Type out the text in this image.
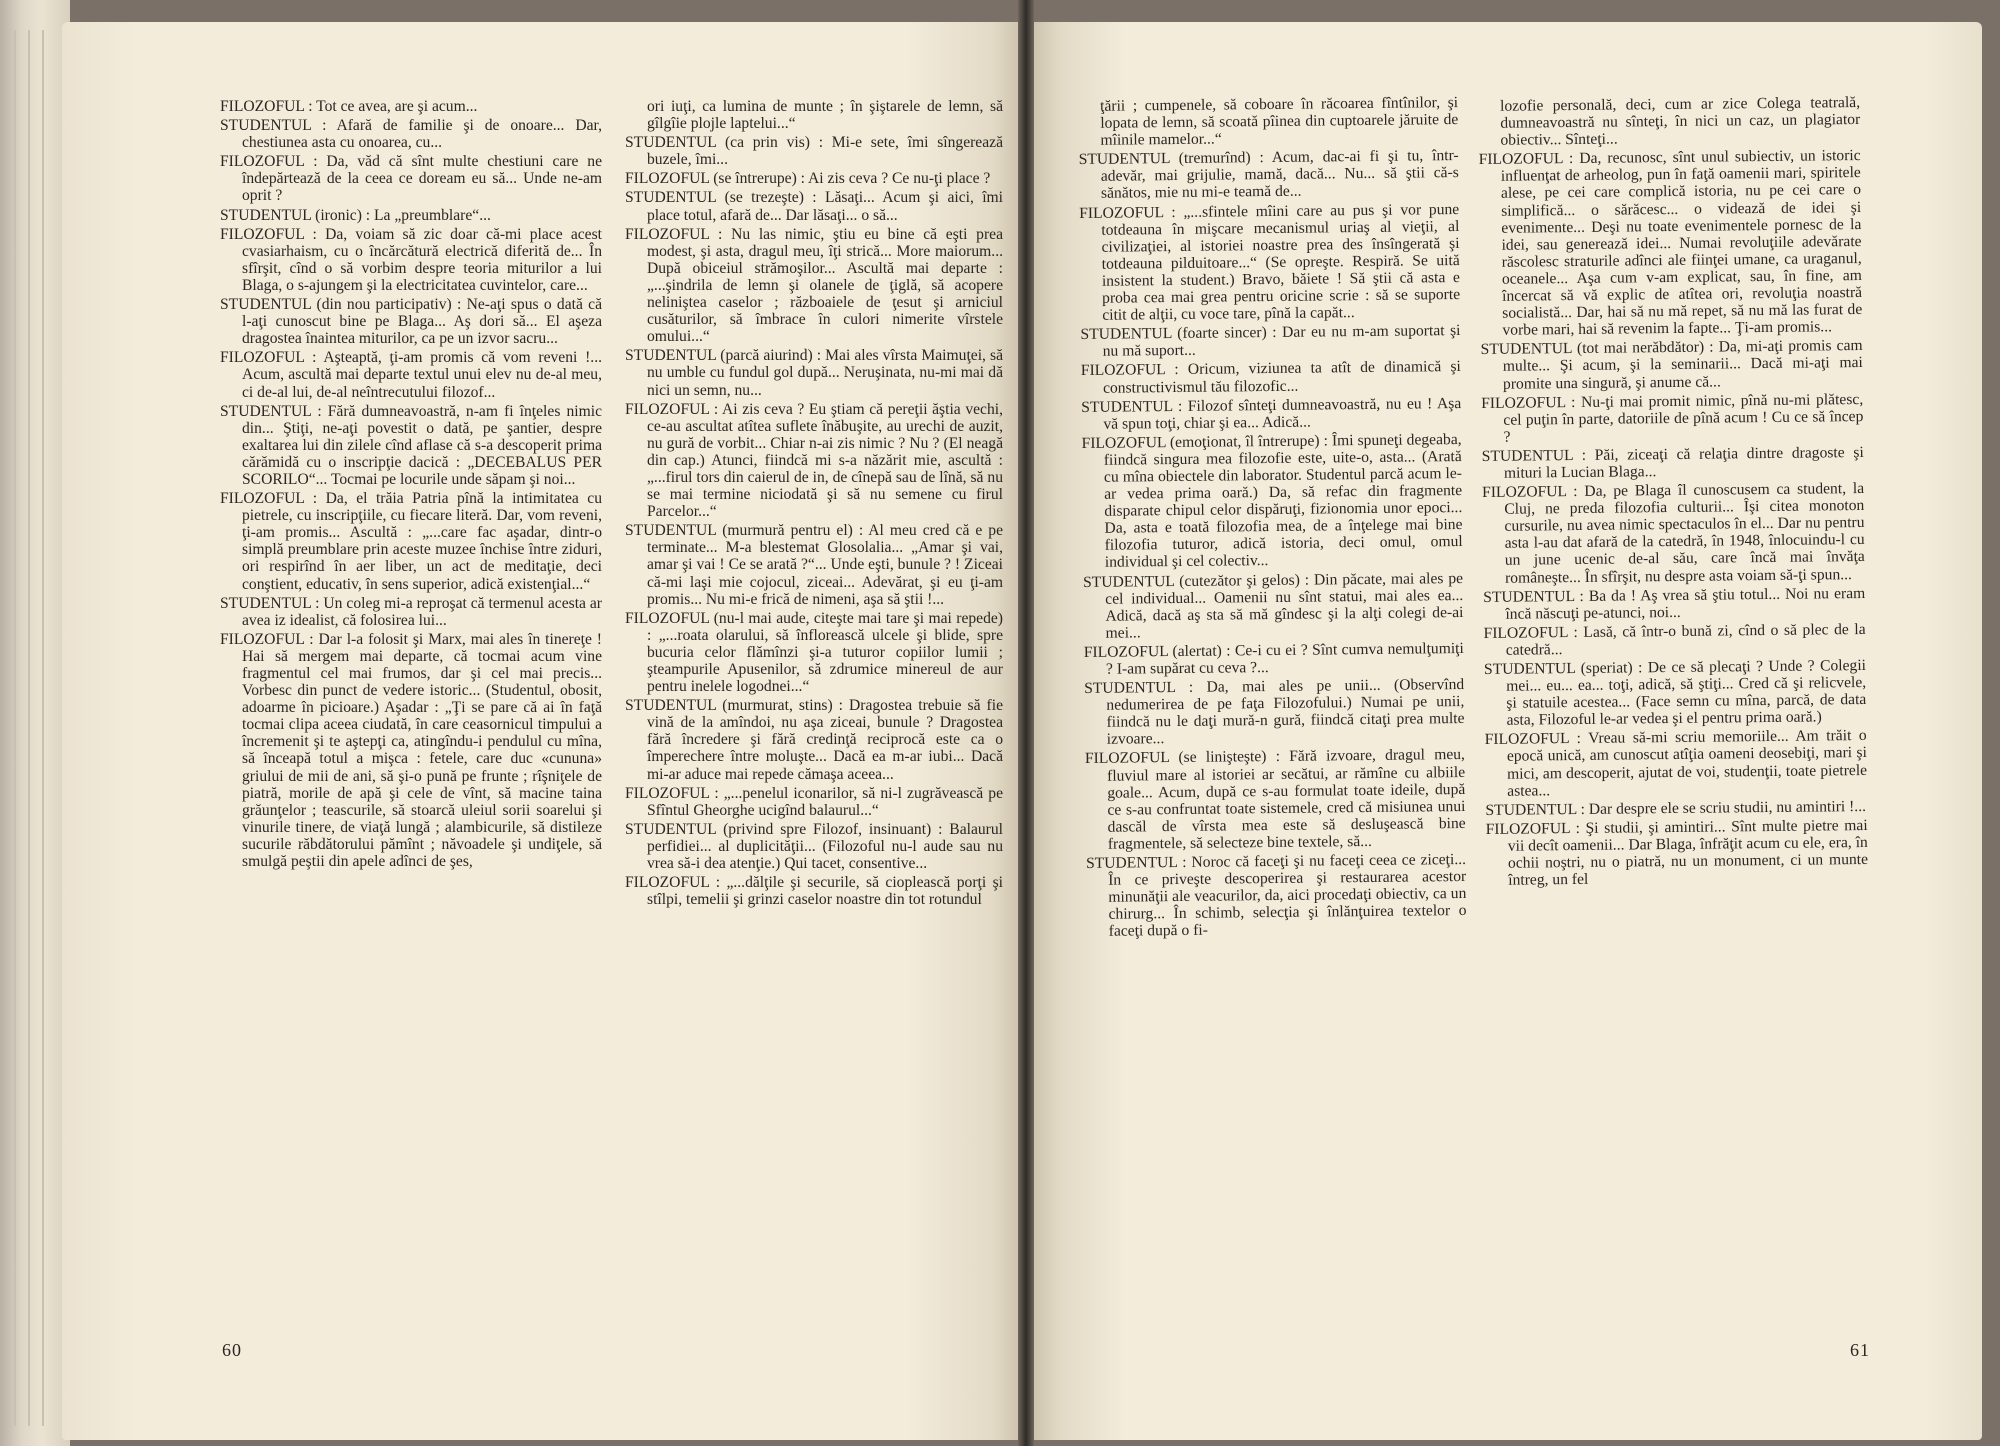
FILOZOFUL : Tot ce avea, are şi acum...

STUDENTUL : Afară de familie şi de onoare... Dar, chestiunea asta cu onoarea, cu...

FILOZOFUL : Da, văd că sînt multe chestiuni care ne îndepărtează de la ceea ce doream eu să... Unde ne-am oprit ?

STUDENTUL (ironic) : La „preumblare“...

FILOZOFUL : Da, voiam să zic doar că-mi place acest cvasiarhaism, cu o încărcătură electrică diferită de... În sfîrşit, cînd o să vorbim despre teoria miturilor a lui Blaga, o s-ajungem şi la electricitatea cuvintelor, care...

STUDENTUL (din nou participativ) : Ne-aţi spus o dată că l-aţi cunoscut bine pe Blaga... Aş dori să... El aşeza dragostea înaintea miturilor, ca pe un izvor sacru...

FILOZOFUL : Aşteaptă, ţi-am promis că vom reveni !... Acum, ascultă mai departe textul unui elev nu de-al meu, ci de-al lui, de-al neîntrecutului filozof...

STUDENTUL : Fără dumneavoastră, n-am fi înţeles nimic din... Ştiţi, ne-aţi povestit o dată, pe şantier, despre exaltarea lui din zilele cînd aflase că s-a descoperit prima cărămidă cu o inscripţie dacică : „DECEBALUS PER SCORILO“... Tocmai pe locurile unde săpam şi noi...

FILOZOFUL : Da, el trăia Patria pînă la intimitatea cu pietrele, cu inscripţiile, cu fiecare literă. Dar, vom reveni, ţi-am promis... Ascultă : „...care fac aşadar, dintr-o simplă preumblare prin aceste muzee închise între ziduri, ori respirînd în aer liber, un act de meditaţie, deci conştient, educativ, în sens superior, adică existenţial...“

STUDENTUL : Un coleg mi-a reproşat că termenul acesta ar avea iz idealist, că folosirea lui...

FILOZOFUL : Dar l-a folosit şi Marx, mai ales în tinereţe ! Hai să mergem mai departe, că tocmai acum vine fragmentul cel mai frumos, dar şi cel mai precis... Vorbesc din punct de vedere istoric... (Studentul, obosit, adoarme în picioare.) Aşadar : „Ţi se pare că ai în faţă tocmai clipa aceea ciudată, în care ceasornicul timpului a încremenit şi te aştepţi ca, atingîndu-i pendulul cu mîna, să înceapă totul a mişca : fetele, care duc «cununa» griului de mii de ani, să şi-o pună pe frunte ; rîşniţele de piatră, morile de apă şi cele de vînt, să macine taina grăunţelor ; teascurile, să stoarcă uleiul sorii soarelui şi vinurile tinere, de viaţă lungă ; alambicurile, să distileze sucurile răbdătorului pămînt ; năvoadele şi undiţele, să smulgă peştii din apele adînci de şes,

ori iuţi, ca lumina de munte ; în şiştarele de lemn, să gîlgîie plojle laptelui...“

STUDENTUL (ca prin vis) : Mi-e sete, îmi sîngerează buzele, îmi...

FILOZOFUL (se întrerupe) : Ai zis ceva ? Ce nu-ţi place ?

STUDENTUL (se trezeşte) : Lăsaţi... Acum şi aici, îmi place totul, afară de... Dar lăsaţi... o să...

FILOZOFUL : Nu las nimic, ştiu eu bine că eşti prea modest, şi asta, dragul meu, îţi strică... More maiorum... După obiceiul strămoşilor... Ascultă mai departe : „...şindrila de lemn şi olanele de ţiglă, să acopere neliniştea caselor ; războaiele de ţesut şi arniciul cusăturilor, să îmbrace în culori nimerite vîrstele omului...“

STUDENTUL (parcă aiurind) : Mai ales vîrsta Maimuţei, să nu umble cu fundul gol după... Neruşinata, nu-mi mai dă nici un semn, nu...

FILOZOFUL : Ai zis ceva ? Eu ştiam că pereţii ăştia vechi, ce-au ascultat atîtea suflete înăbuşite, au urechi de auzit, nu gură de vorbit... Chiar n-ai zis nimic ? Nu ? (El neagă din cap.) Atunci, fiindcă mi s-a năzărit mie, ascultă : „...firul tors din caierul de in, de cînepă sau de lînă, să nu se mai termine niciodată şi să nu semene cu firul Parcelor...“

STUDENTUL (murmură pentru el) : Al meu cred că e pe terminate... M-a blestemat Glosolalia... „Amar şi vai, amar şi vai ! Ce se arată ?“... Unde eşti, bunule ? ! Ziceai că-mi laşi mie cojocul, ziceai... Adevărat, şi eu ţi-am promis... Nu mi-e frică de nimeni, aşa să ştii !...

FILOZOFUL (nu-l mai aude, citeşte mai tare şi mai repede) : „...roata olarului, să înflorească ulcele şi blide, spre bucuria celor flămînzi şi-a tuturor copiilor lumii ; şteampurile Apusenilor, să zdrumice minereul de aur pentru inelele logodnei...“

STUDENTUL (murmurat, stins) : Dragostea trebuie să fie vină de la amîndoi, nu aşa ziceai, bunule ? Dragostea fără încredere şi fără credinţă reciprocă este ca o împerechere între moluşte... Dacă ea m-ar iubi... Dacă mi-ar aduce mai repede cămaşa aceea...

FILOZOFUL : „...penelul iconarilor, să ni-l zugrăvească pe Sfîntul Gheorghe ucigînd balaurul...“

STUDENTUL (privind spre Filozof, insinuant) : Balaurul perfidiei... al duplicităţii... (Filozoful nu-l aude sau nu vrea să-i dea atenţie.) Qui tacet, consentive...

FILOZOFUL : „...dălţile şi securile, să cioplească porţi şi stîlpi, temelii şi grinzi caselor noastre din tot rotundul

60

ţării ; cumpenele, să coboare în răcoarea fîntînilor, şi lopata de lemn, să scoată pîinea din cuptoarele jăruite de mîinile mamelor...“

STUDENTUL (tremurînd) : Acum, dac-ai fi şi tu, într-adevăr, mai grijulie, mamă, dacă... Nu... să ştii că-s sănătos, mie nu mi-e teamă de...

FILOZOFUL : „...sfintele mîini care au pus şi vor pune totdeauna în mişcare mecanismul uriaş al vieţii, al civilizaţiei, al istoriei noastre prea des însîngerată şi totdeauna pilduitoare...“ (Se opreşte. Respiră. Se uită insistent la student.) Bravo, băiete ! Să ştii că asta e proba cea mai grea pentru oricine scrie : să se suporte citit de alţii, cu voce tare, pînă la capăt...

STUDENTUL (foarte sincer) : Dar eu nu m-am suportat şi nu mă suport...

FILOZOFUL : Oricum, viziunea ta atît de dinamică şi constructivismul tău filozofic...

STUDENTUL : Filozof sînteţi dumneavoastră, nu eu ! Aşa vă spun toţi, chiar şi ea... Adică...

FILOZOFUL (emoţionat, îl întrerupe) : Îmi spuneţi degeaba, fiindcă singura mea filozofie este, uite-o, asta... (Arată cu mîna obiectele din laborator. Studentul parcă acum le-ar vedea prima oară.) Da, să refac din fragmente disparate chipul celor dispăruţi, fizionomia unor epoci... Da, asta e toată filozofia mea, de a înţelege mai bine filozofia tuturor, adică istoria, deci omul, omul individual şi cel colectiv...

STUDENTUL (cutezător şi gelos) : Din păcate, mai ales pe cel individual... Oamenii nu sînt statui, mai ales ea... Adică, dacă aş sta să mă gîndesc şi la alţi colegi de-ai mei...

FILOZOFUL (alertat) : Ce-i cu ei ? Sînt cumva nemulţumiţi ? I-am supărat cu ceva ?...

STUDENTUL : Da, mai ales pe unii... (Observînd nedumerirea de pe faţa Filozofului.) Numai pe unii, fiindcă nu le daţi mură-n gură, fiindcă citaţi prea multe izvoare...

FILOZOFUL (se linişteşte) : Fără izvoare, dragul meu, fluviul mare al istoriei ar secătui, ar rămîne cu albiile goale... Acum, după ce s-au formulat toate ideile, după ce s-au confruntat toate sistemele, cred că misiunea unui dascăl de vîrsta mea este să desluşească bine fragmentele, să selecteze bine textele, să...

STUDENTUL : Noroc că faceţi şi nu faceţi ceea ce ziceţi... În ce priveşte descoperirea şi restaurarea acestor minunăţii ale veacurilor, da, aici procedaţi obiectiv, ca un chirurg... În schimb, selecţia şi înlănţuirea textelor o faceţi după o fi-

lozofie personală, deci, cum ar zice Colega teatrală, dumneavoastră nu sînteţi, în nici un caz, un plagiator obiectiv... Sînteţi...

FILOZOFUL : Da, recunosc, sînt unul subiectiv, un istoric influenţat de arheolog, pun în faţă oamenii mari, spiritele alese, pe cei care complică istoria, nu pe cei care o simplifică... o sărăcesc... o videază de idei şi evenimente... Deşi nu toate evenimentele pornesc de la idei, sau generează idei... Numai revoluţiile adevărate răscolesc straturile adînci ale fiinţei umane, ca uraganul, oceanele... Aşa cum v-am explicat, sau, în fine, am încercat să vă explic de atîtea ori, revoluţia noastră socialistă... Dar, hai să nu mă repet, să nu mă las furat de vorbe mari, hai să revenim la fapte... Ţi-am promis...

STUDENTUL (tot mai nerăbdător) : Da, mi-aţi promis cam multe... Şi acum, şi la seminarii... Dacă mi-aţi mai promite una singură, şi anume că...

FILOZOFUL : Nu-ţi mai promit nimic, pînă nu-mi plătesc, cel puţin în parte, datoriile de pînă acum ! Cu ce să încep ?

STUDENTUL : Păi, ziceaţi că relaţia dintre dragoste şi mituri la Lucian Blaga...

FILOZOFUL : Da, pe Blaga îl cunoscusem ca student, la Cluj, ne preda filozofia culturii... Îşi citea monoton cursurile, nu avea nimic spectaculos în el... Dar nu pentru asta l-au dat afară de la catedră, în 1948, înlocuindu-l cu un june ucenic de-al său, care încă mai învăţa româneşte... În sfîrşit, nu despre asta voiam să-ţi spun...

STUDENTUL : Ba da ! Aş vrea să ştiu totul... Noi nu eram încă născuţi pe-atunci, noi...

FILOZOFUL : Lasă, că într-o bună zi, cînd o să plec de la catedră...

STUDENTUL (speriat) : De ce să plecaţi ? Unde ? Colegii mei... eu... ea... toţi, adică, să ştiţi... Cred că şi relicvele, şi statuile acestea... (Face semn cu mîna, parcă, de data asta, Filozoful le-ar vedea şi el pentru prima oară.)

FILOZOFUL : Vreau să-mi scriu memoriile... Am trăit o epocă unică, am cunoscut atîţia oameni deosebiţi, mari şi mici, am descoperit, ajutat de voi, studenţii, toate pietrele astea...

STUDENTUL : Dar despre ele se scriu studii, nu amintiri !...

FILOZOFUL : Şi studii, şi amintiri... Sînt multe pietre mai vii decît oamenii... Dar Blaga, înfrăţit acum cu ele, era, în ochii noştri, nu o piatră, nu un monument, ci un munte întreg, un fel

61
